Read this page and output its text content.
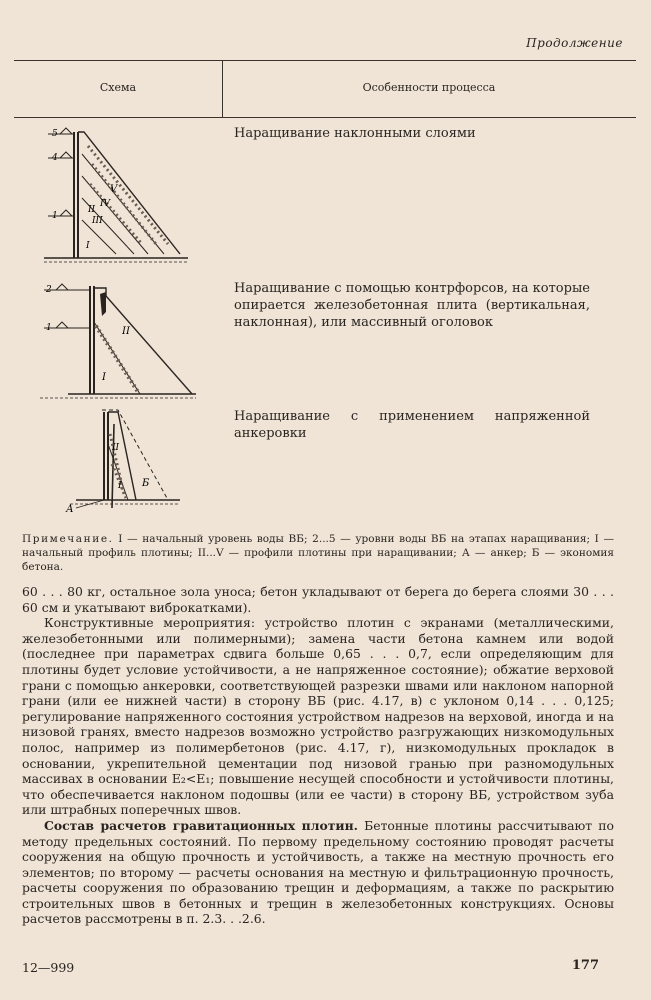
Продолжение
Схема	Особенности процесса
5
4
1
V
IV
III
II
I
Наращивание наклонными слоями
2
1	II
I
Наращивание с помощью контрфорсов, на которые опирается железобетонная плита (вертикальная, наклонная), или массивный оголовок
II
I Б
А
Наращивание с применением напряженной анкеровки
Примечание. I — начальный уровень воды ВБ; 2...5 — уровни воды ВБ на этапах наращивания; I — начальный профиль плотины; II...V — профили плотины при наращивании; А — анкер; Б — экономия бетона.

60 . . . 80 кг, остальное зола уноса; бетон укладывают от берега до берега слоями 30 . . . 60 см и укатывают виброкатками).

Конструктивные мероприятия: устройство плотин с экранами (металлическими, железобетонными или полимерными); замена части бетона камнем или водой (последнее при параметрах сдвига больше 0,65 . . . 0,7, если определяющим для плотины будет условие устойчивости, а не напряженное состояние); обжатие верховой грани с помощью анкеровки, соответствующей разрезки швами или наклоном напорной грани (или ее нижней части) в сторону ВБ (рис. 4.17, в) с уклоном 0,14 . . . 0,125; регулирование напряженного состояния устройством надрезов на верховой, иногда и на низовой гранях, вместо надрезов возможно устройство разгружающих низкомодульных полос, например из полимербетонов (рис. 4.17, г), низкомодульных прокладок в основании, укрепительной цементации под низовой гранью при разномодульных массивах в основании E₂<E₁; повышение несущей способности и устойчивости плотины, что обеспечивается наклоном подошвы (или ее части) в сторону ВБ, устройством зуба или штрабных поперечных швов.

Состав расчетов гравитационных плотин. Бетонные плотины рассчитывают по методу предельных состояний. По первому предельному состоянию проводят расчеты сооружения на общую прочность и устойчивость, а также на местную прочность его элементов; по второму — расчеты основания на местную и фильтрационную прочность, расчеты сооружения по образованию трещин и деформациям, а также по раскрытию строительных швов в бетонных и трещин в железобетонных конструкциях. Основы расчетов рассмотрены в п. 2.3. . .2.6.

12—999	177
